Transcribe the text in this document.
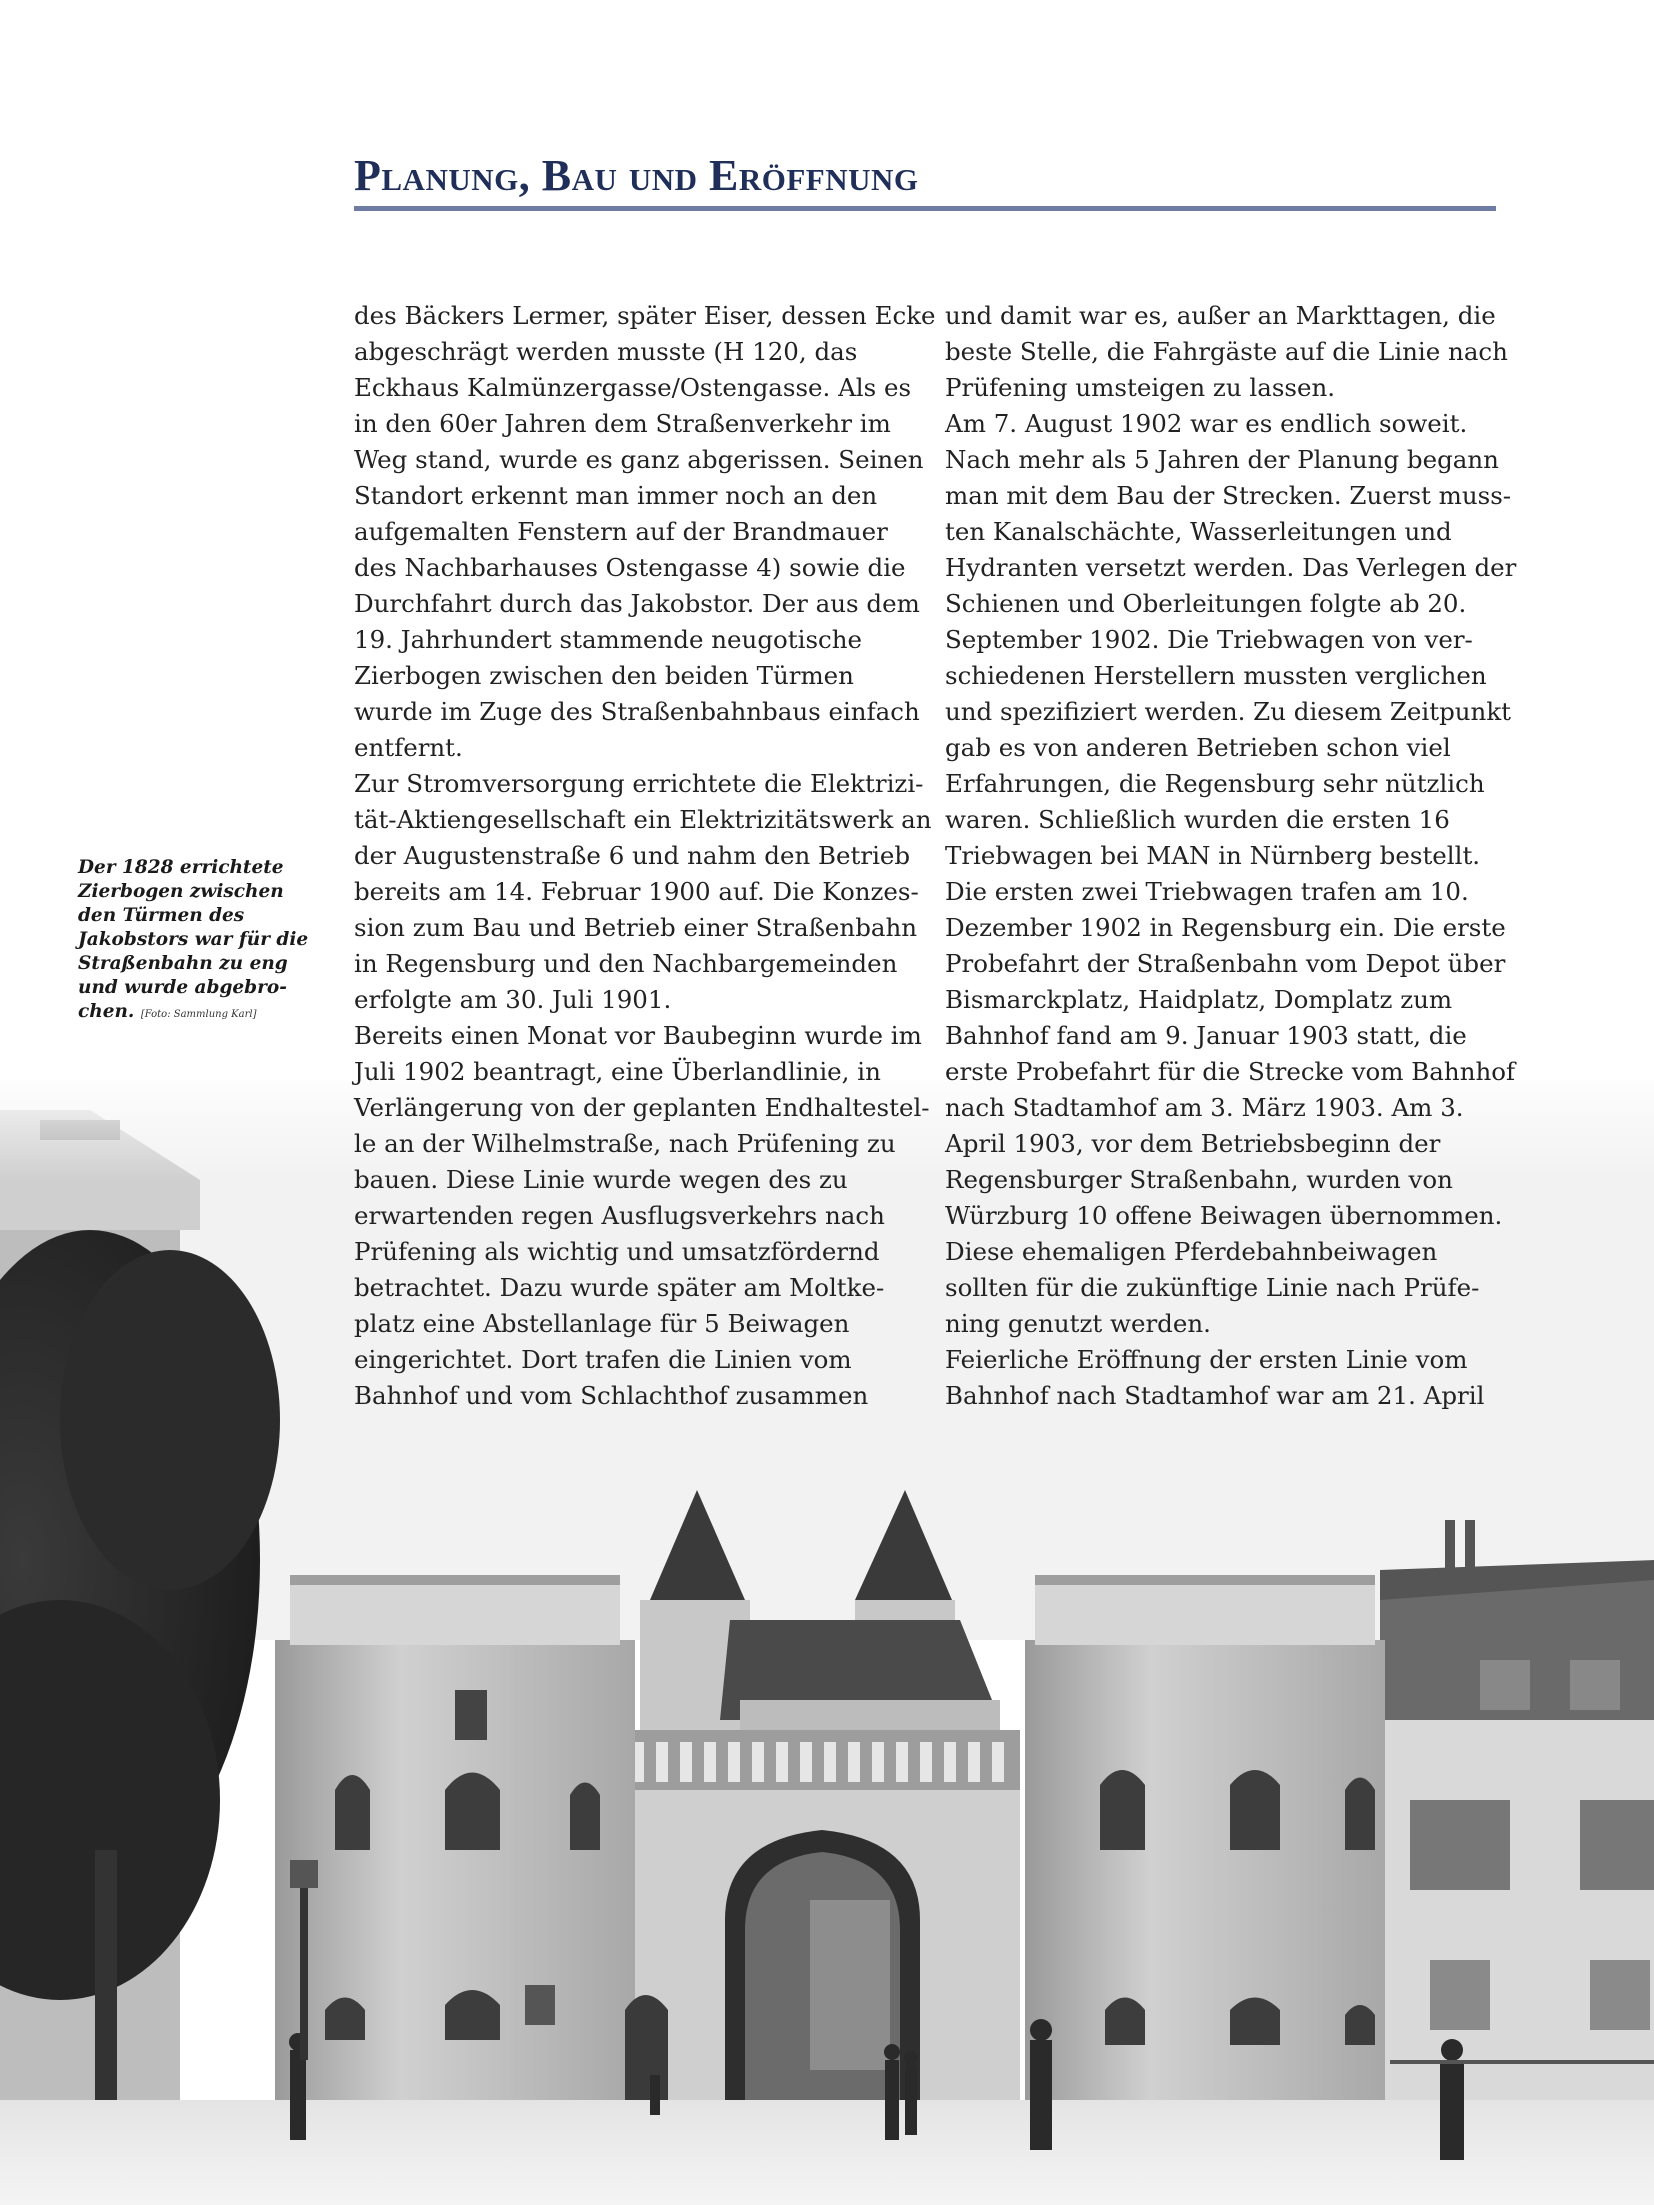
Planung, Bau und Eröffnung
Der 1828 errichtete
Zierbogen zwischen
den Türmen des
Jakobstors war für die
Straßenbahn zu eng
und wurde abgebro-
chen. [Foto: Sammlung Karl]
des Bäckers Lermer, später Eiser, dessen Ecke
abgeschrägt werden musste (H 120, das
Eckhaus Kalmünzergasse/Ostengasse. Als es
in den 60er Jahren dem Straßenverkehr im
Weg stand, wurde es ganz abgerissen. Seinen
Standort erkennt man immer noch an den
aufgemalten Fenstern auf der Brandmauer
des Nachbarhauses Ostengasse 4) sowie die
Durchfahrt durch das Jakobstor. Der aus dem
19. Jahrhundert stammende neugotische
Zierbogen zwischen den beiden Türmen
wurde im Zuge des Straßenbahnbaus einfach
entfernt.
Zur Stromversorgung errichtete die Elektrizi-
tät-Aktiengesellschaft ein Elektrizitätswerk an
der Augustenstraße 6 und nahm den Betrieb
bereits am 14. Februar 1900 auf. Die Konzes-
sion zum Bau und Betrieb einer Straßenbahn
in Regensburg und den Nachbargemeinden
erfolgte am 30. Juli 1901.
Bereits einen Monat vor Baubeginn wurde im
Juli 1902 beantragt, eine Überlandlinie, in
Verlängerung von der geplanten Endhaltestel-
le an der Wilhelmstraße, nach Prüfening zu
bauen. Diese Linie wurde wegen des zu
erwartenden regen Ausflugsverkehrs nach
Prüfening als wichtig und umsatzfördernd
betrachtet. Dazu wurde später am Moltke-
platz eine Abstellanlage für 5 Beiwagen
eingerichtet. Dort trafen die Linien vom
Bahnhof und vom Schlachthof zusammen
und damit war es, außer an Markttagen, die
beste Stelle, die Fahrgäste auf die Linie nach
Prüfening umsteigen zu lassen.
Am 7. August 1902 war es endlich soweit.
Nach mehr als 5 Jahren der Planung begann
man mit dem Bau der Strecken. Zuerst muss-
ten Kanalschächte, Wasserleitungen und
Hydranten versetzt werden. Das Verlegen der
Schienen und Oberleitungen folgte ab 20.
September 1902. Die Triebwagen von ver-
schiedenen Herstellern mussten verglichen
und spezifiziert werden. Zu diesem Zeitpunkt
gab es von anderen Betrieben schon viel
Erfahrungen, die Regensburg sehr nützlich
waren. Schließlich wurden die ersten 16
Triebwagen bei MAN in Nürnberg bestellt.
Die ersten zwei Triebwagen trafen am 10.
Dezember 1902 in Regensburg ein. Die erste
Probefahrt der Straßenbahn vom Depot über
Bismarckplatz, Haidplatz, Domplatz zum
Bahnhof fand am 9. Januar 1903 statt, die
erste Probefahrt für die Strecke vom Bahnhof
nach Stadtamhof am 3. März 1903. Am 3.
April 1903, vor dem Betriebsbeginn der
Regensburger Straßenbahn, wurden von
Würzburg 10 offene Beiwagen übernommen.
Diese ehemaligen Pferdebahnbeiwagen
sollten für die zukünftige Linie nach Prüfe-
ning genutzt werden.
Feierliche Eröffnung der ersten Linie vom
Bahnhof nach Stadtamhof war am 21. April
